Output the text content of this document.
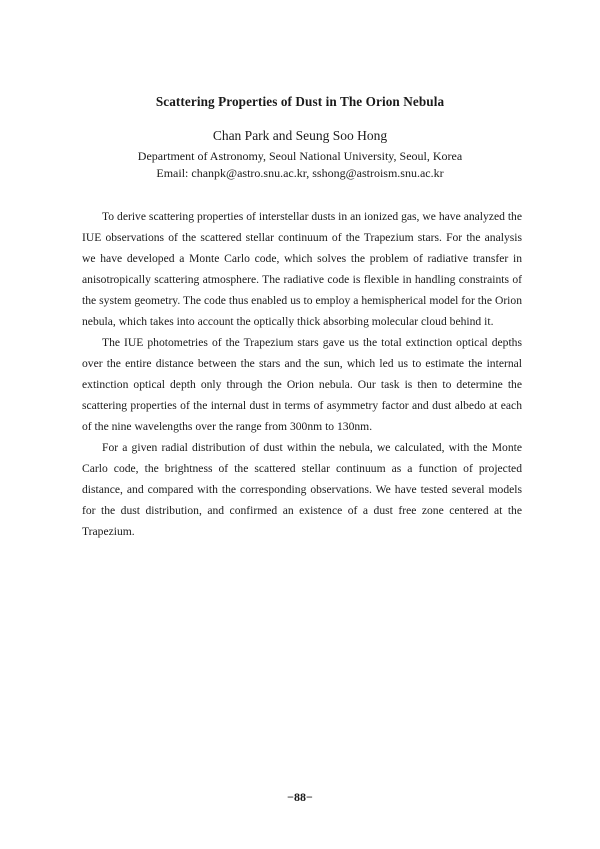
Scattering Properties of Dust in The Orion Nebula
Chan Park and Seung Soo Hong
Department of Astronomy, Seoul National University, Seoul, Korea
Email: chanpk@astro.snu.ac.kr, sshong@astroism.snu.ac.kr

To derive scattering properties of interstellar dusts in an ionized gas, we have analyzed the IUE observations of the scattered stellar continuum of the Trapezium stars. For the analysis we have developed a Monte Carlo code, which solves the problem of radiative transfer in anisotropically scattering atmosphere. The radiative code is flexible in handling constraints of the system geometry. The code thus enabled us to employ a hemispherical model for the Orion nebula, which takes into account the optically thick absorbing molecular cloud behind it.

The IUE photometries of the Trapezium stars gave us the total extinction optical depths over the entire distance between the stars and the sun, which led us to estimate the internal extinction optical depth only through the Orion nebula. Our task is then to determine the scattering properties of the internal dust in terms of asymmetry factor and dust albedo at each of the nine wavelengths over the range from 300nm to 130nm.

For a given radial distribution of dust within the nebula, we calculated, with the Monte Carlo code, the brightness of the scattered stellar continuum as a function of projected distance, and compared with the corresponding observations. We have tested several models for the dust distribution, and confirmed an existence of a dust free zone centered at the Trapezium.

−88−
